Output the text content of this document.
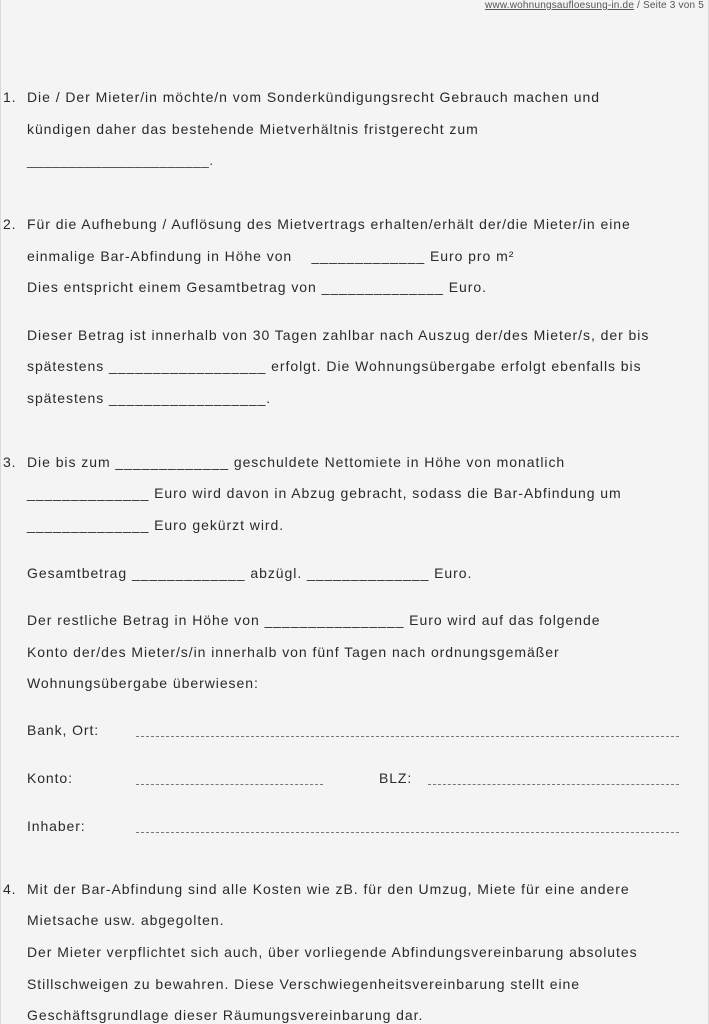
www.wohnungsaufloesung-in.de / Seite 3 von 5
1. Die / Der Mieter/in möchte/n vom Sonderkündigungsrecht Gebrauch machen und
kündigen daher das bestehende Mietverhältnis fristgerecht zum
______________________.
2. Für die Aufhebung / Auflösung des Mietvertrags erhalten/erhält der/die Mieter/in eine
einmalige Bar-Abfindung in Höhe von    _____________ Euro pro m²
Dies entspricht einem Gesamtbetrag von ______________ Euro.
Dieser Betrag ist innerhalb von 30 Tagen zahlbar nach Auszug der/des Mieter/s, der bis
spätestens __________________ erfolgt. Die Wohnungsübergabe erfolgt ebenfalls bis
spätestens __________________.
3. Die bis zum _____________ geschuldete Nettomiete in Höhe von monatlich
______________ Euro wird davon in Abzug gebracht, sodass die Bar-Abfindung um
______________ Euro gekürzt wird.
Gesamtbetrag _____________ abzügl. ______________ Euro.
Der restliche Betrag in Höhe von ________________ Euro wird auf das folgende
Konto der/des Mieter/s/in innerhalb von fünf Tagen nach ordnungsgemäßer
Wohnungsübergabe überwiesen:
Bank, Ort:
Konto:	BLZ:
Inhaber:
4. Mit der Bar-Abfindung sind alle Kosten wie zB. für den Umzug, Miete für eine andere
Mietsache usw. abgegolten.
Der Mieter verpflichtet sich auch, über vorliegende Abfindungsvereinbarung absolutes
Stillschweigen zu bewahren. Diese Verschwiegenheitsvereinbarung stellt eine
Geschäftsgrundlage dieser Räumungsvereinbarung dar.
